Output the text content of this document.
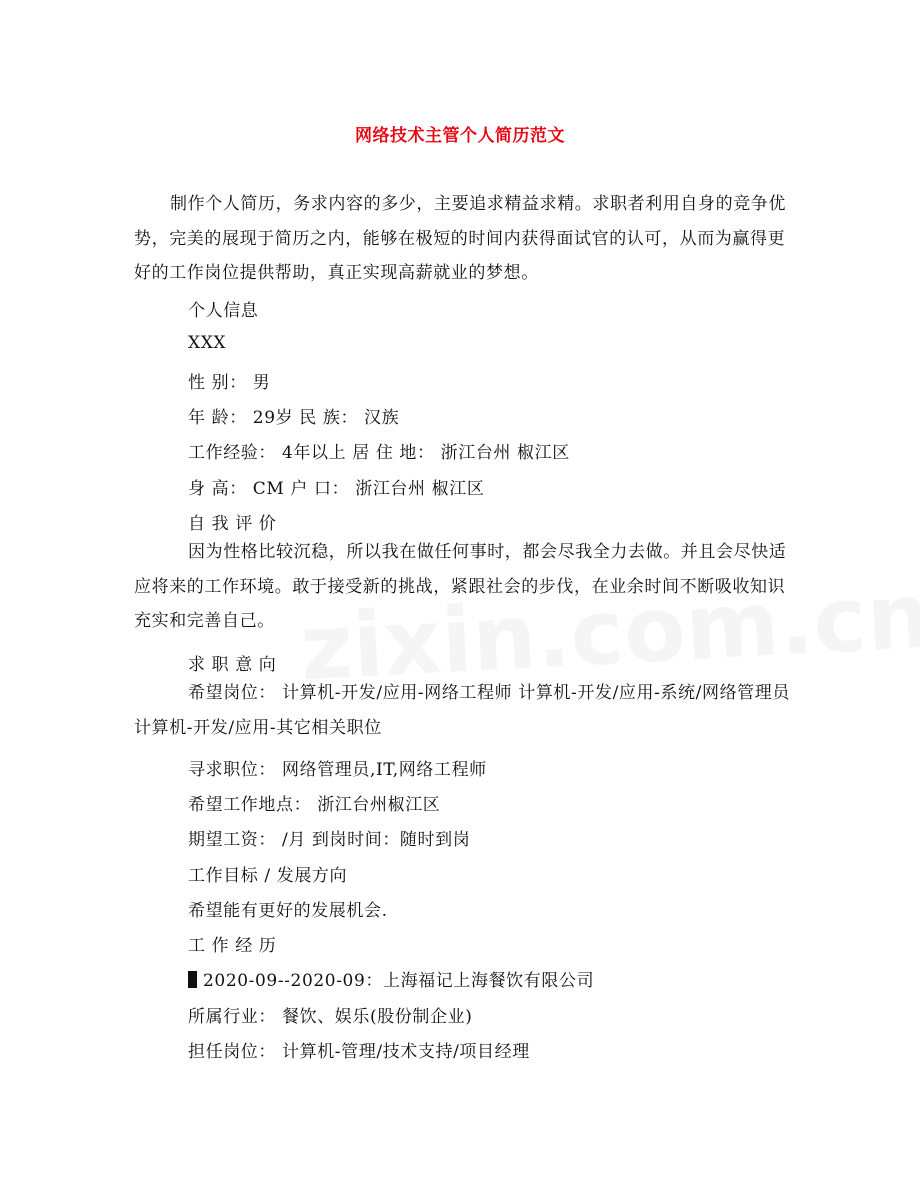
网络技术主管个人简历范文
制作个人简历，务求内容的多少，主要追求精益求精。求职者利用自身的竞争优势，完美的展现于简历之内，能够在极短的时间内获得面试官的认可，从而为赢得更好的工作岗位提供帮助，真正实现高薪就业的梦想。
个人信息
XXX
性 别： 男
年 龄： 29岁 民 族： 汉族
工作经验： 4年以上 居 住 地： 浙江台州 椒江区
身 高： CM 户 口： 浙江台州 椒江区
自 我 评 价
因为性格比较沉稳，所以我在做任何事时，都会尽我全力去做。并且会尽快适应将来的工作环境。敢于接受新的挑战，紧跟社会的步伐，在业余时间不断吸收知识充实和完善自己。
求 职 意 向
希望岗位： 计算机-开发/应用-网络工程师 计算机-开发/应用-系统/网络管理员 计算机-开发/应用-其它相关职位
寻求职位： 网络管理员,IT,网络工程师
希望工作地点： 浙江台州椒江区
期望工资： /月 到岗时间：随时到岗
工作目标 / 发展方向
希望能有更好的发展机会.
工 作 经 历
2020-09--2020-09：上海福记上海餐饮有限公司
所属行业： 餐饮、娱乐(股份制企业)
担任岗位： 计算机-管理/技术支持/项目经理
